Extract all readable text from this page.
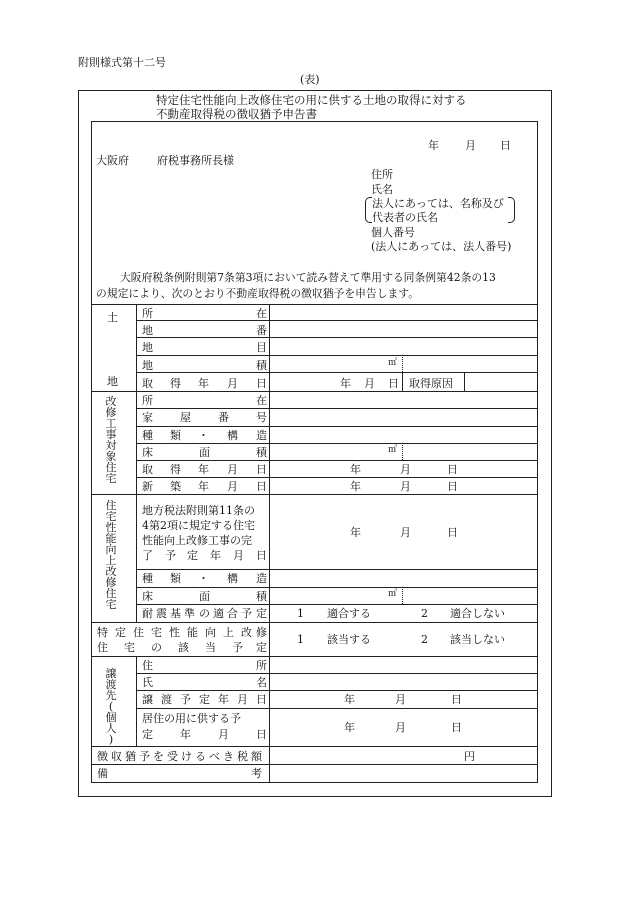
附則様式第十二号
(表)
特定住宅性能向上改修住宅の用に供する土地の取得に対する
不動産取得税の徴収猶予申告書
年 月 日
大阪府	府税事務所長様
住所
氏名
法人にあっては、名称及び
代表者の氏名
個人番号
(法人にあっては、法人番号)
大阪府税条例附則第7条第3項において読み替えて準用する同条例第42条の13
の規定により、次のとおり不動産取得税の徴収猶予を申告します。
土
地
所	在
地	番
地	目
地	積	㎡
取 得 年 月 日	年 月 日 取得原因
改
修
工
事
対
象
住
宅
所	在
家 屋 番 号
種 類 ・ 構 造
床	面	積	㎡
取 得 年 月 日	年	月	日
新 築 年 月 日	年	月	日
住
宅
性
能
向
上
改
修
住
宅
地方税法附則第11条の
4第2項に規定する住宅
性能向上改修工事の完
了 予 定 年 月 日
年	月	日
種 類 ・ 構 造
床	面	積	㎡
耐 震 基 準 の 適 合 予 定	1 適合する	2 適合しない
特 定 住 宅 性 能 向 上 改 修
住 宅 の 該 当 予 定
1 該当する	2 該当しない
譲
渡
先
(
個
人
)
住	所
氏	名
譲 渡 予 定 年 月 日	年	月	日
居住の用に供する予
定 年 月 日
年	月	日
徴 収 猶 予 を 受 け る べ き 税 額	円
備	考
